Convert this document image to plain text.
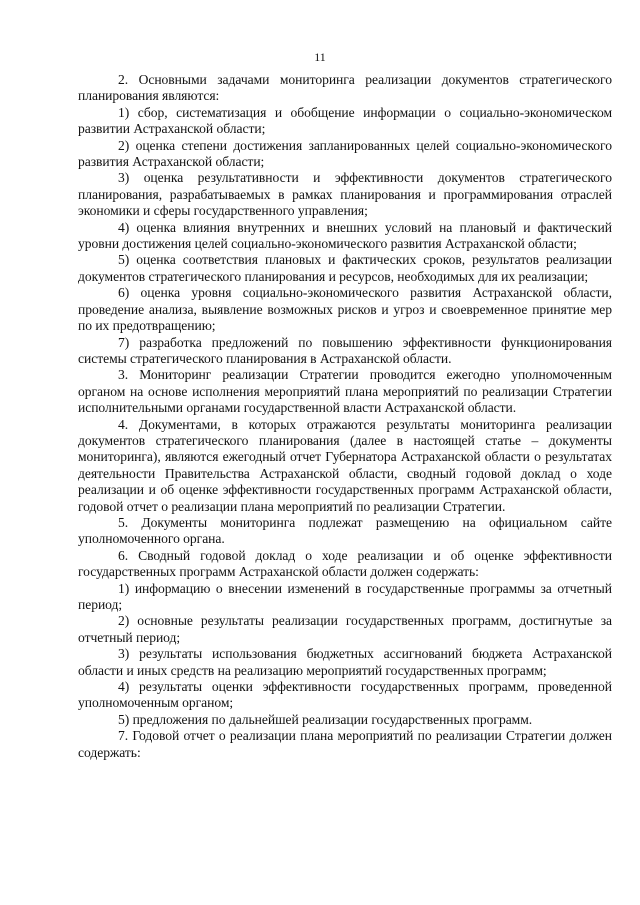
11

2. Основными задачами мониторинга реализации документов стратегического планирования являются:

1) сбор, систематизация и обобщение информации о социально-экономическом развитии Астраханской области;

2) оценка степени достижения запланированных целей социально-экономического развития Астраханской области;

3) оценка результативности и эффективности документов стратегического планирования, разрабатываемых в рамках планирования и программирования отраслей экономики и сферы государственного управления;

4) оценка влияния внутренних и внешних условий на плановый и фактический уровни достижения целей социально-экономического развития Астраханской области;

5) оценка соответствия плановых и фактических сроков, результатов реализации документов стратегического планирования и ресурсов, необходимых для их реализации;

6) оценка уровня социально-экономического развития Астраханской области, проведение анализа, выявление возможных рисков и угроз и своевременное принятие мер по их предотвращению;

7) разработка предложений по повышению эффективности функционирования системы стратегического планирования в Астраханской области.

3. Мониторинг реализации Стратегии проводится ежегодно уполномоченным органом на основе исполнения мероприятий плана мероприятий по реализации Стратегии исполнительными органами государственной власти Астраханской области.

4. Документами, в которых отражаются результаты мониторинга реализации документов стратегического планирования (далее в настоящей статье – документы мониторинга), являются ежегодный отчет Губернатора Астраханской области о результатах деятельности Правительства Астраханской области, сводный годовой доклад о ходе реализации и об оценке эффективности государственных программ Астраханской области, годовой отчет о реализации плана мероприятий по реализации Стратегии.

5. Документы мониторинга подлежат размещению на официальном сайте уполномоченного органа.

6. Сводный годовой доклад о ходе реализации и об оценке эффективности государственных программ Астраханской области должен содержать:

1) информацию о внесении изменений в государственные программы за отчетный период;

2) основные результаты реализации государственных программ, достигнутые за отчетный период;

3) результаты использования бюджетных ассигнований бюджета Астраханской области и иных средств на реализацию мероприятий государственных программ;

4) результаты оценки эффективности государственных программ, проведенной уполномоченным органом;

5) предложения по дальнейшей реализации государственных программ.

7. Годовой отчет о реализации плана мероприятий по реализации Стратегии должен содержать:
